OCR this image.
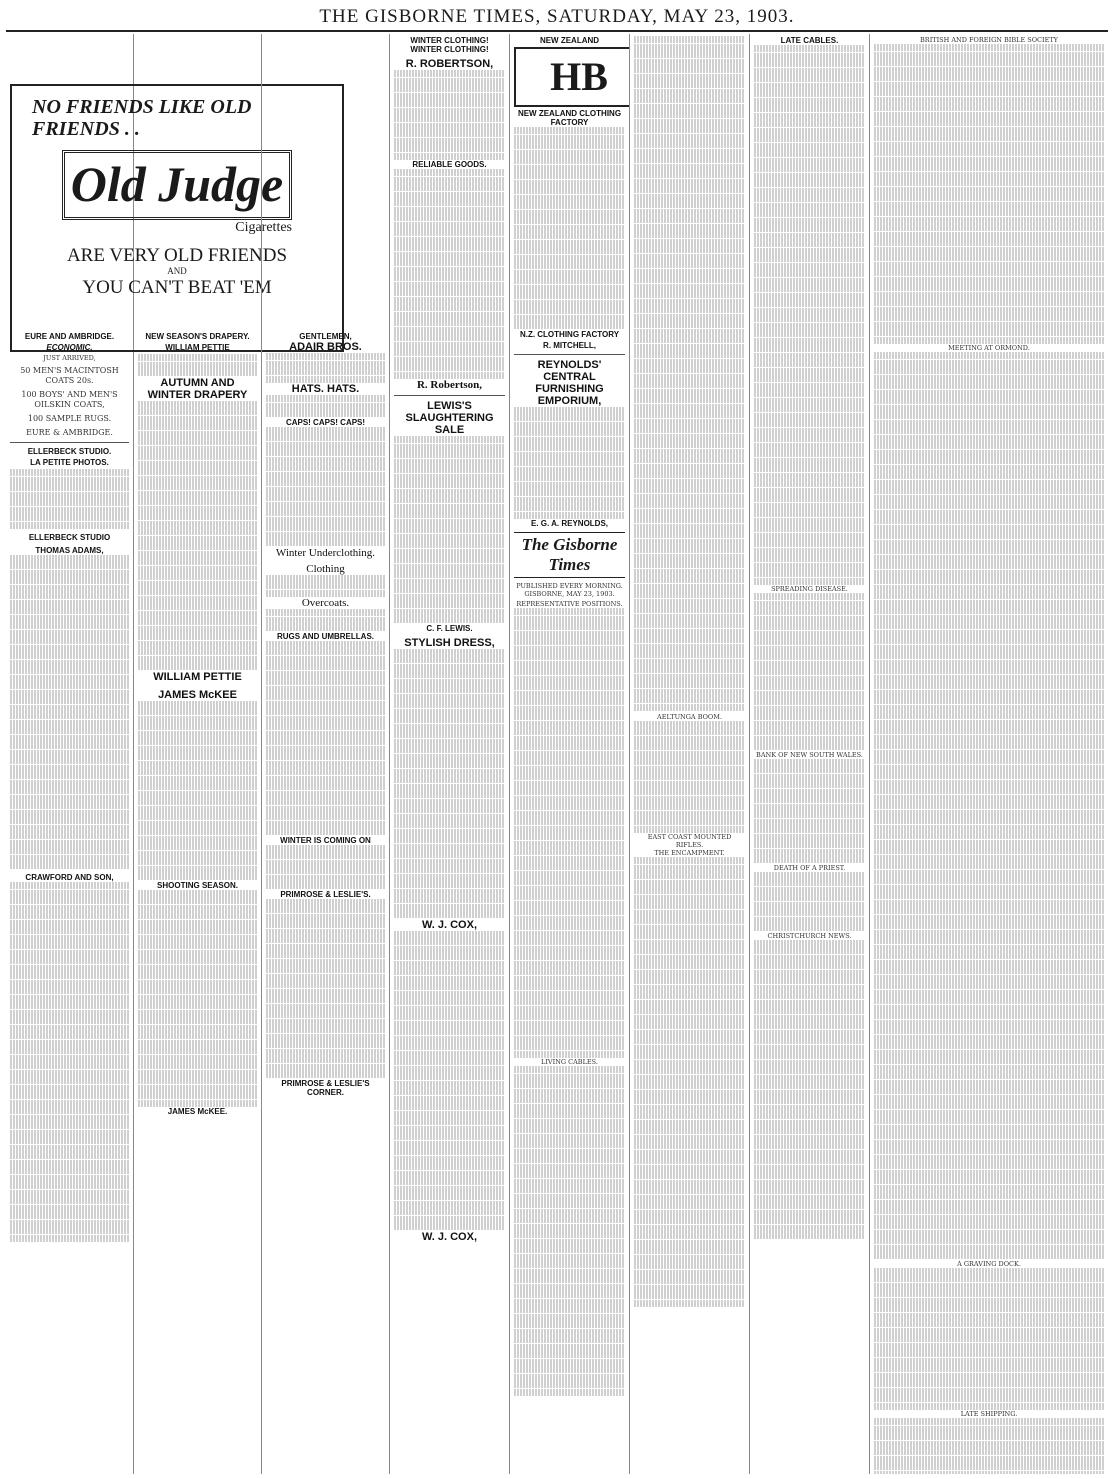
THE GISBORNE TIMES, SATURDAY, MAY 23, 1903.
EURE AND AMBRIDGE.
ECONOMIC.
JUST ARRIVED,
50 MEN'S MACINTOSH COATS 20s.
100 BOYS' AND MEN'S OILSKIN COATS,
100 SAMPLE RUGS.
EURE & AMBRIDGE.
ELLERBECK STUDIO.
LA PETITE PHOTOS.
ELLERBECK STUDIO
THOMAS ADAMS,
CRAWFORD AND SON,
NO FRIENDS LIKE OLD FRIENDS . .
Old Judge
Cigarettes
ARE VERY OLD FRIENDS
AND
YOU CAN'T BEAT 'EM
NEW SEASON'S DRAPERY.
WILLIAM PETTIE
AUTUMN AND WINTER DRAPERY
WILLIAM PETTIE
JAMES McKEE
SHOOTING SEASON.
JAMES McKEE.
GENTLEMEN,
ADAIR BROS.
HATS. HATS.
CAPS! CAPS! CAPS!
Winter Underclothing.
Clothing
Overcoats.
RUGS AND UMBRELLAS.
WINTER IS COMING ON
PRIMROSE & LESLIE'S.
PRIMROSE & LESLIE'S CORNER.
WINTER CLOTHING! WINTER CLOTHING!
R. ROBERTSON,
RELIABLE GOODS.
R. Robertson,
LEWIS'S SLAUGHTERING SALE
C. F. LEWIS.
STYLISH DRESS,
W. J. COX,
W. J. COX,
NEW ZEALAND
HB
NEW ZEALAND CLOTHING FACTORY
N.Z. CLOTHING FACTORY
R. MITCHELL,
REYNOLDS' CENTRAL FURNISHING EMPORIUM,
E. G. A. REYNOLDS,
The Gisborne Times
PUBLISHED EVERY MORNING.
GISBORNE, MAY 23, 1903.
REPRESENTATIVE POSITIONS.
LIVING CABLES.
AELTUNGA BOOM.
EAST COAST MOUNTED RIFLES.
THE ENCAMPMENT.
LATE CABLES.
SPREADING DISEASE.
BANK OF NEW SOUTH WALES.
DEATH OF A PRIEST.
CHRISTCHURCH NEWS.
BRITISH AND FOREIGN BIBLE SOCIETY
MEETING AT ORMOND.
A GRAVING DOCK.
LATE SHIPPING.
